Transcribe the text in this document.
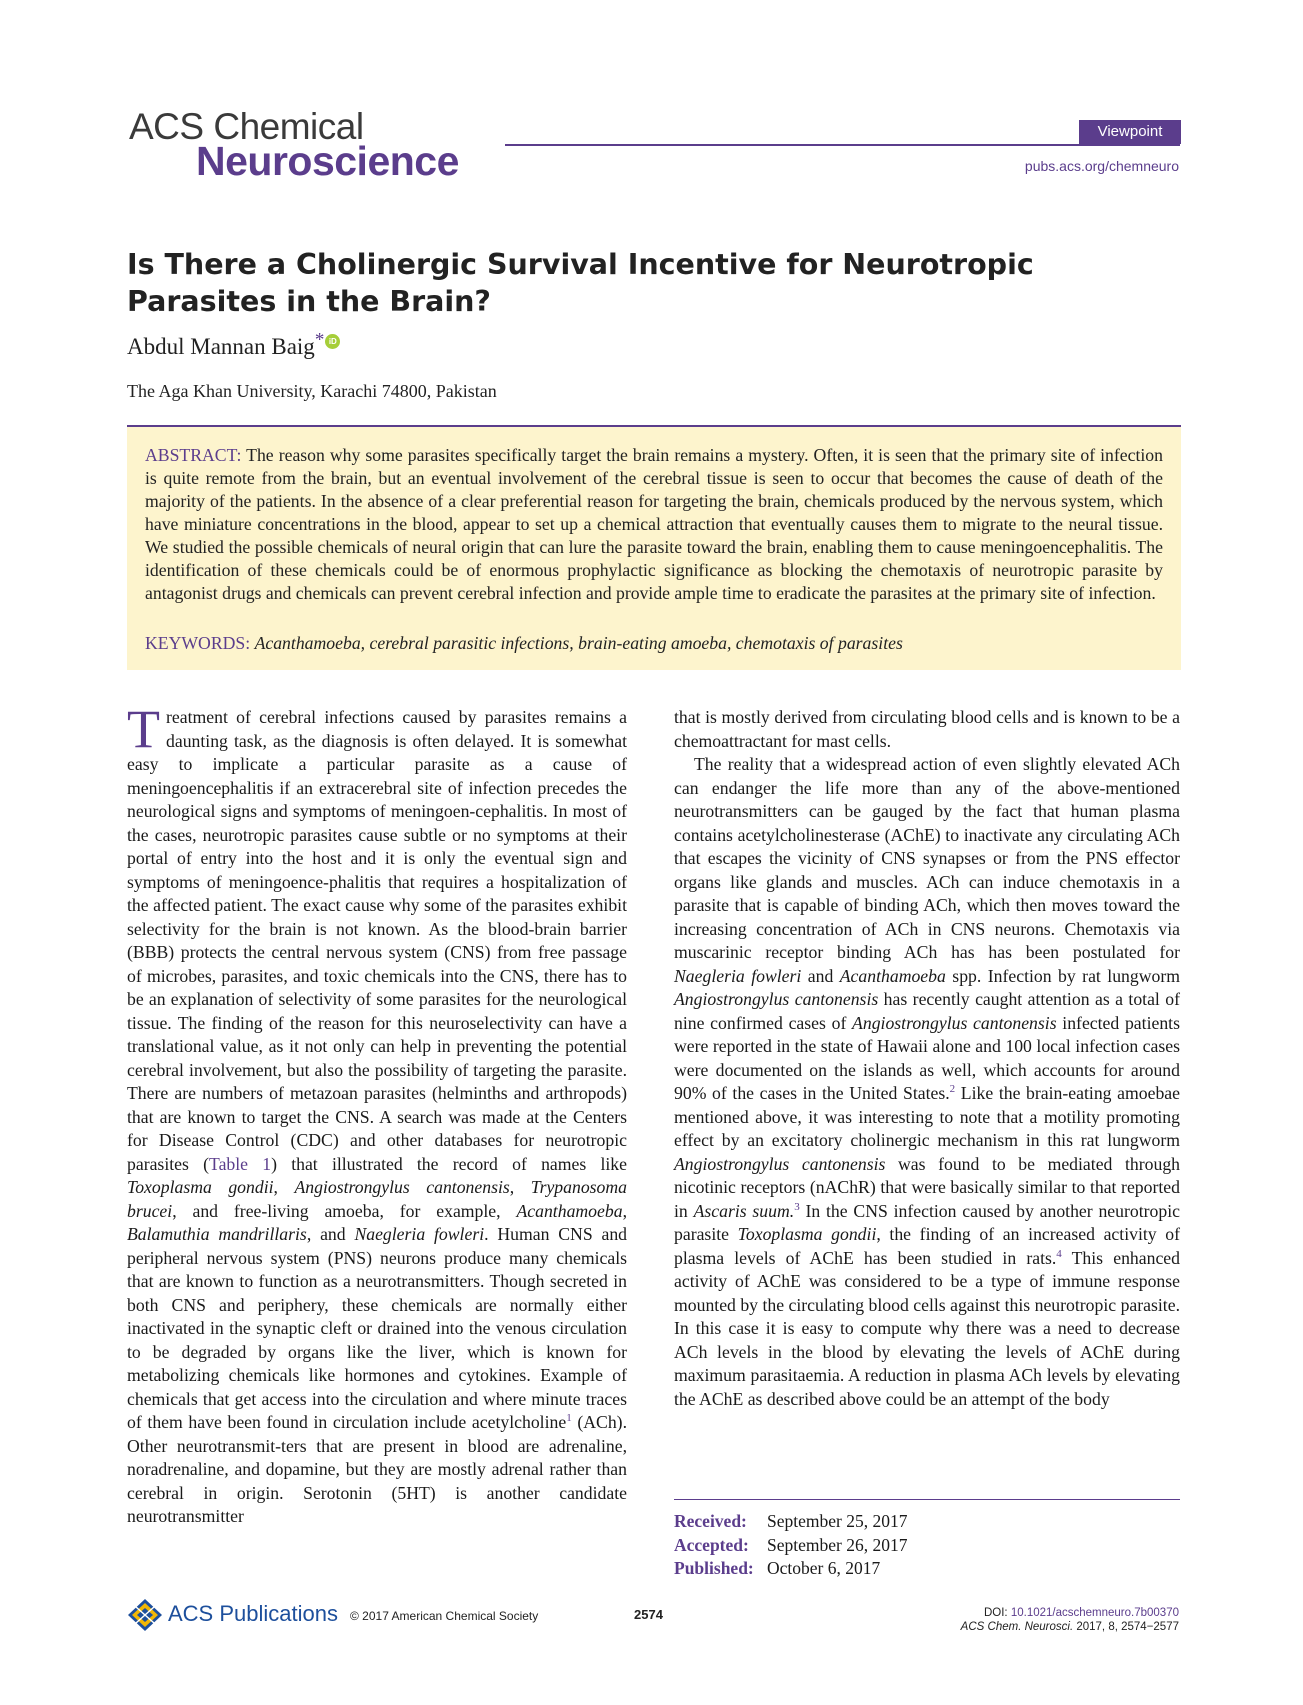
ACS Chemical
Neuroscience
Viewpoint
pubs.acs.org/chemneuro
Is There a Cholinergic Survival Incentive for Neurotropic Parasites in the Brain?
Abdul Mannan Baig* iD
The Aga Khan University, Karachi 74800, Pakistan

ABSTRACT: The reason why some parasites specifically target the brain remains a mystery. Often, it is seen that the primary site of infection is quite remote from the brain, but an eventual involvement of the cerebral tissue is seen to occur that becomes the cause of death of the majority of the patients. In the absence of a clear preferential reason for targeting the brain, chemicals produced by the nervous system, which have miniature concentrations in the blood, appear to set up a chemical attraction that eventually causes them to migrate to the neural tissue. We studied the possible chemicals of neural origin that can lure the parasite toward the brain, enabling them to cause meningoencephalitis. The identification of these chemicals could be of enormous prophylactic significance as blocking the chemotaxis of neurotropic parasite by antagonist drugs and chemicals can prevent cerebral infection and provide ample time to eradicate the parasites at the primary site of infection.

KEYWORDS: Acanthamoeba, cerebral parasitic infections, brain-eating amoeba, chemotaxis of parasites

Treatment of cerebral infections caused by parasites remains a daunting task, as the diagnosis is often delayed. It is somewhat easy to implicate a particular parasite as a cause of meningoencephalitis if an extracerebral site of infection precedes the neurological signs and symptoms of meningoen-cephalitis. In most of the cases, neurotropic parasites cause subtle or no symptoms at their portal of entry into the host and it is only the eventual sign and symptoms of meningoence-phalitis that requires a hospitalization of the affected patient. The exact cause why some of the parasites exhibit selectivity for the brain is not known. As the blood-brain barrier (BBB) protects the central nervous system (CNS) from free passage of microbes, parasites, and toxic chemicals into the CNS, there has to be an explanation of selectivity of some parasites for the neurological tissue. The finding of the reason for this neuroselectivity can have a translational value, as it not only can help in preventing the potential cerebral involvement, but also the possibility of targeting the parasite. There are numbers of metazoan parasites (helminths and arthropods) that are known to target the CNS. A search was made at the Centers for Disease Control (CDC) and other databases for neurotropic parasites (Table 1) that illustrated the record of names like Toxoplasma gondii, Angiostrongylus cantonensis, Trypanosoma brucei, and free-living amoeba, for example, Acanthamoeba, Balamuthia mandrillaris, and Naegleria fowleri. Human CNS and peripheral nervous system (PNS) neurons produce many chemicals that are known to function as a neurotransmitters. Though secreted in both CNS and periphery, these chemicals are normally either inactivated in the synaptic cleft or drained into the venous circulation to be degraded by organs like the liver, which is known for metabolizing chemicals like hormones and cytokines. Example of chemicals that get access into the circulation and where minute traces of them have been found in circulation include acetylcholine$^1$ (ACh). Other neurotransmit-ters that are present in blood are adrenaline, noradrenaline, and dopamine, but they are mostly adrenal rather than cerebral in origin. Serotonin (5HT) is another candidate neurotransmitter

that is mostly derived from circulating blood cells and is known to be a chemoattractant for mast cells.

The reality that a widespread action of even slightly elevated ACh can endanger the life more than any of the above-mentioned neurotransmitters can be gauged by the fact that human plasma contains acetylcholinesterase (AChE) to inactivate any circulating ACh that escapes the vicinity of CNS synapses or from the PNS effector organs like glands and muscles. ACh can induce chemotaxis in a parasite that is capable of binding ACh, which then moves toward the increasing concentration of ACh in CNS neurons. Chemotaxis via muscarinic receptor binding ACh has has been postulated for Naegleria fowleri and Acanthamoeba spp. Infection by rat lungworm Angiostrongylus cantonensis has recently caught attention as a total of nine confirmed cases of Angiostrongylus cantonensis infected patients were reported in the state of Hawaii alone and 100 local infection cases were documented on the islands as well, which accounts for around 90% of the cases in the United States.$^2$ Like the brain-eating amoebae mentioned above, it was interesting to note that a motility promoting effect by an excitatory cholinergic mechanism in this rat lungworm Angiostrongylus cantonensis was found to be mediated through nicotinic receptors (nAChR) that were basically similar to that reported in Ascaris suum.$^3$ In the CNS infection caused by another neurotropic parasite Toxoplasma gondii, the finding of an increased activity of plasma levels of AChE has been studied in rats.$^4$ This enhanced activity of AChE was considered to be a type of immune response mounted by the circulating blood cells against this neurotropic parasite. In this case it is easy to compute why there was a need to decrease ACh levels in the blood by elevating the levels of AChE during maximum parasitaemia. A reduction in plasma ACh levels by elevating the AChE as described above could be an attempt of the body

Received:	September 25, 2017
Accepted:	September 26, 2017
Published:	October 6, 2017
ACS Publications © 2017 American Chemical Society	2574	DOI: 10.1021/acschemneuro.7b00370
ACS Chem. Neurosci. 2017, 8, 2574−2577
